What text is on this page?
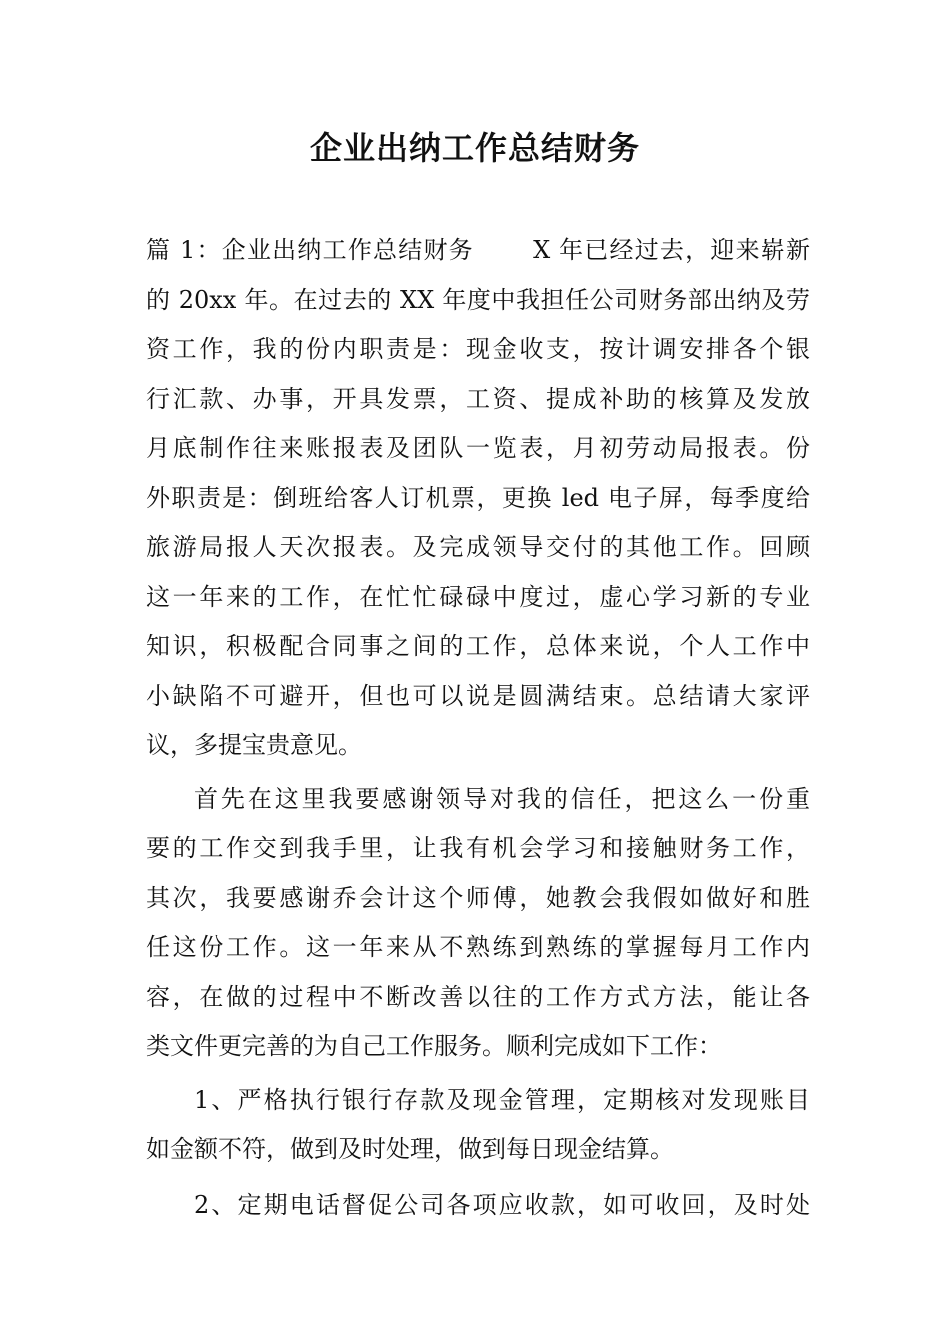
企业出纳工作总结财务
篇 1：企业出纳工作总结财务　　 X 年已经过去，迎来崭新
的 20xx 年。在过去的 XX 年度中我担任公司财务部出纳及劳
资工作，我的份内职责是：现金收支，按计调安排各个银
行汇款、办事，开具发票，工资、提成补助的核算及发放
月底制作往来账报表及团队一览表，月初劳动局报表。份
外职责是：倒班给客人订机票，更换 led 电子屏，每季度给
旅游局报人天次报表。及完成领导交付的其他工作。回顾
这一年来的工作，在忙忙碌碌中度过，虚心学习新的专业
知识，积极配合同事之间的工作，总体来说，个人工作中
小缺陷不可避开，但也可以说是圆满结束。总结请大家评
议，多提宝贵意见。
首先在这里我要感谢领导对我的信任，把这么一份重
要的工作交到我手里，让我有机会学习和接触财务工作，
其次，我要感谢乔会计这个师傅，她教会我假如做好和胜
任这份工作。这一年来从不熟练到熟练的掌握每月工作内
容，在做的过程中不断改善以往的工作方式方法，能让各
类文件更完善的为自己工作服务。顺利完成如下工作：
1、严格执行银行存款及现金管理，定期核对发现账目
如金额不符，做到及时处理，做到每日现金结算。
2、定期电话督促公司各项应收款，如可收回，及时处
